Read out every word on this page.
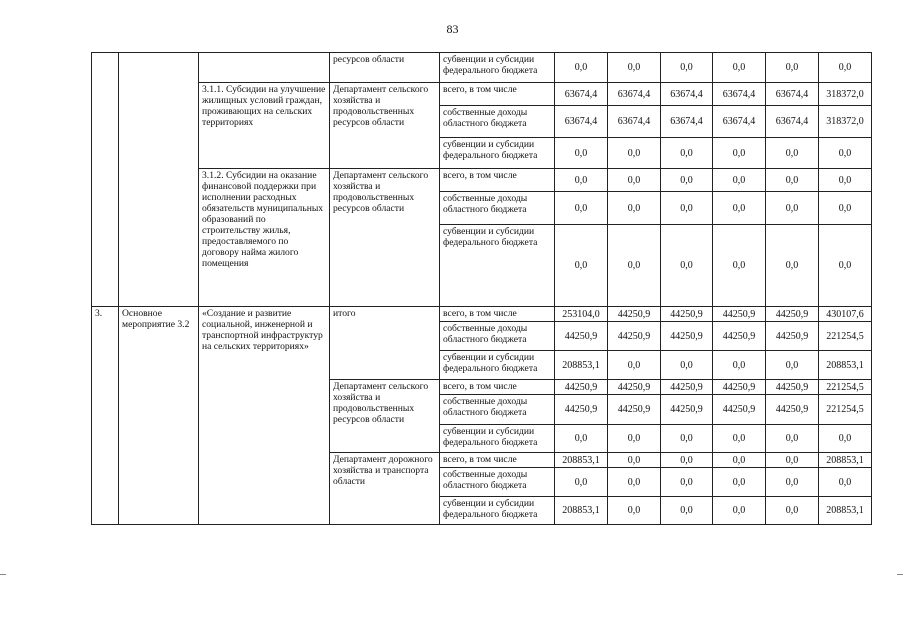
83
			ресурсов области	субвенции и субсидии федерального бюджета	0,0	0,0	0,0	0,0	0,0	0,0
		3.1.1. Субсидии на улучшение жилищных условий граждан, проживающих на сельских территориях	Департамент сельского хозяйства и продовольственных ресурсов области	всего, в том числе	63674,4	63674,4	63674,4	63674,4	63674,4	318372,0
				собственные доходы областного бюджета	63674,4	63674,4	63674,4	63674,4	63674,4	318372,0
				субвенции и субсидии федерального бюджета	0,0	0,0	0,0	0,0	0,0	0,0
		3.1.2. Субсидии на оказание финансовой поддержки при исполнении расходных обязательств муниципальных образований по строительству жилья, предоставляемого по договору найма жилого помещения	Департамент сельского хозяйства и продовольственных ресурсов области	всего, в том числе	0,0	0,0	0,0	0,0	0,0	0,0
				собственные доходы областного бюджета	0,0	0,0	0,0	0,0	0,0	0,0
				субвенции и субсидии федерального бюджета	0,0	0,0	0,0	0,0	0,0	0,0
3.	Основное мероприятие 3.2	«Создание и развитие социальной, инженерной и транспортной инфраструктур на сельских территориях»	итого	всего, в том числе	253104,0	44250,9	44250,9	44250,9	44250,9	430107,6
				собственные доходы областного бюджета	44250,9	44250,9	44250,9	44250,9	44250,9	221254,5
				субвенции и субсидии федерального бюджета	208853,1	0,0	0,0	0,0	0,0	208853,1
			Департамент сельского хозяйства и продовольственных ресурсов области	всего, в том числе	44250,9	44250,9	44250,9	44250,9	44250,9	221254,5
				собственные доходы областного бюджета	44250,9	44250,9	44250,9	44250,9	44250,9	221254,5
				субвенции и субсидии федерального бюджета	0,0	0,0	0,0	0,0	0,0	0,0
			Департамент дорожного хозяйства и транспорта области	всего, в том числе	208853,1	0,0	0,0	0,0	0,0	208853,1
				собственные доходы областного бюджета	0,0	0,0	0,0	0,0	0,0	0,0
				субвенции и субсидии федерального бюджета	208853,1	0,0	0,0	0,0	0,0	208853,1
